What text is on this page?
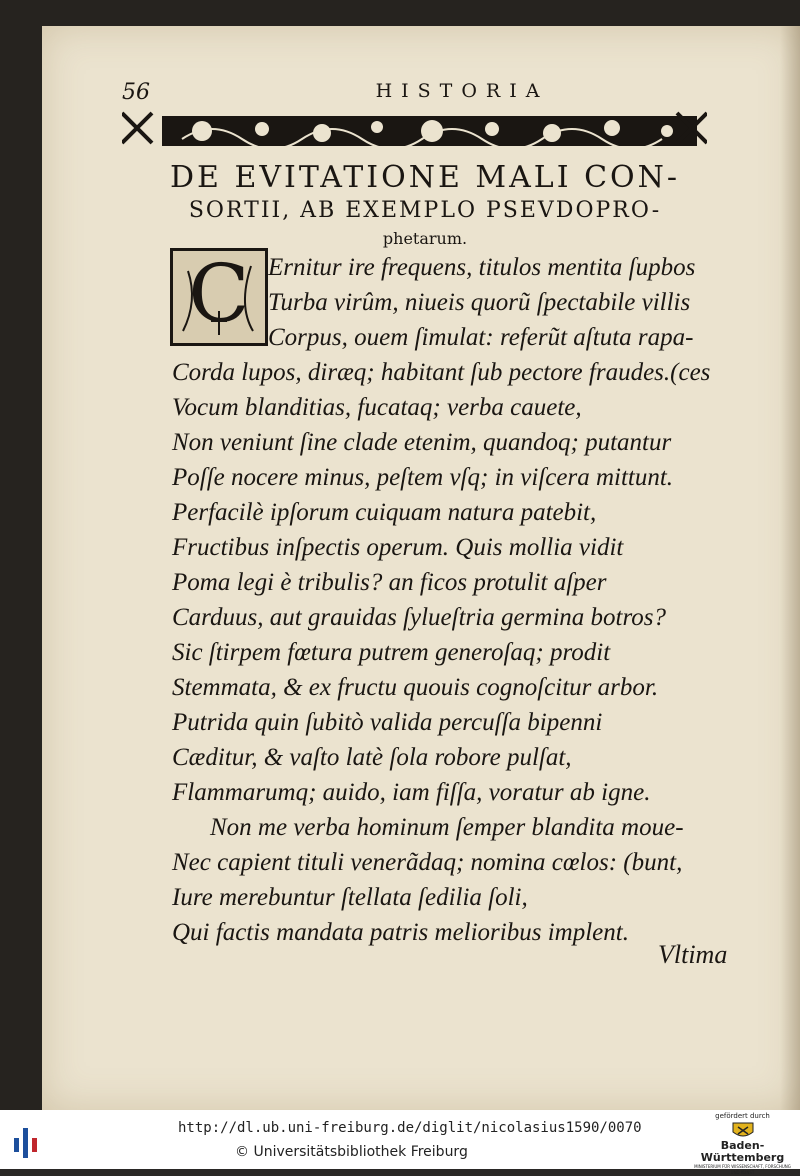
56	HISTORIA
DE EVITATIONE MALI CON-
SORTII, AB EXEMPLO PSEVDOPRO-
phetarum.
C Ernitur ire frequens, titulos mentita ſupbos
Turba virûm, niueis quorũ ſpectabile villis
Corpus, ouem ſimulat: referũt aſtuta rapa-
Corda lupos, diræq; habitant ſub pectore fraudes.(ces
Vocum blanditias, fucataq; verba cauete,
Non veniunt ſine clade etenim, quandoq; putantur
Poſſe nocere minus, peſtem vſq; in viſcera mittunt.
Perfacilè ipſorum cuiquam natura patebit,
Fructibus inſpectis operum. Quis mollia vidit
Poma legi è tribulis? an ficos protulit aſper
Carduus, aut grauidas ſylueſtria germina botros?
Sic ſtirpem fœtura putrem generoſaq; prodit
Stemmata, & ex fructu quouis cognoſcitur arbor.
Putrida quin ſubitò valida percuſſa bipenni
Cæditur, & vaſto latè ſola robore pulſat,
Flammarumq; auido, iam fiſſa, voratur ab igne.
Non me verba hominum ſemper blandita moue-
Nec capient tituli venerãdaq; nomina cœlos: (bunt,
Iure merebuntur ſtellata ſedilia ſoli,
Qui factis mandata patris melioribus implent.
Vltima
http://dl.ub.uni-freiburg.de/diglit/nicolasius1590/0070
© Universitätsbibliothek Freiburg
gefördert durch
Baden-Württemberg
MINISTERIUM FÜR WISSENSCHAFT, FORSCHUNG UND KUNST
